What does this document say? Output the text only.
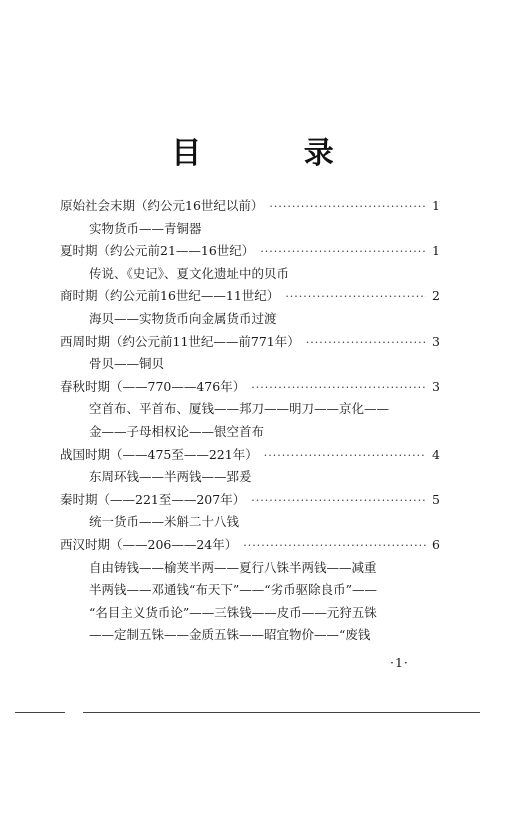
目 录
原始社会末期（约公元16世纪以前） ·····	1
实物货币——青铜器
夏时期（约公元前21——16世纪） ·····	1
传说、《史记》、夏文化遗址中的贝币
商时期（约公元前16世纪——11世纪） ·····	2
海贝——实物货币向金属货币过渡
西周时期（约公元前11世纪——前771年） ·····	3
骨贝——铜贝
春秋时期（——770——476年） ·····	3
空首布、平首布、厦钱——邦刀——明刀——京化——
金——子母相权论——银空首布
战国时期（——475至——221年） ·····	4
东周环钱——半两钱——郢爰
秦时期（——221至——207年） ·····	5
统一货币——米斛二十八钱
西汉时期（——206——24年） ·····	6
自由铸钱——榆荚半两——夏行八铢半两钱——减重
半两钱——邓通钱“布天下”——“劣币驱除良币”——
“名目主义货币论”——三铢钱——皮币——元狩五铢
——定制五铢——金质五铢——昭宜物价——“废钱
·1·
